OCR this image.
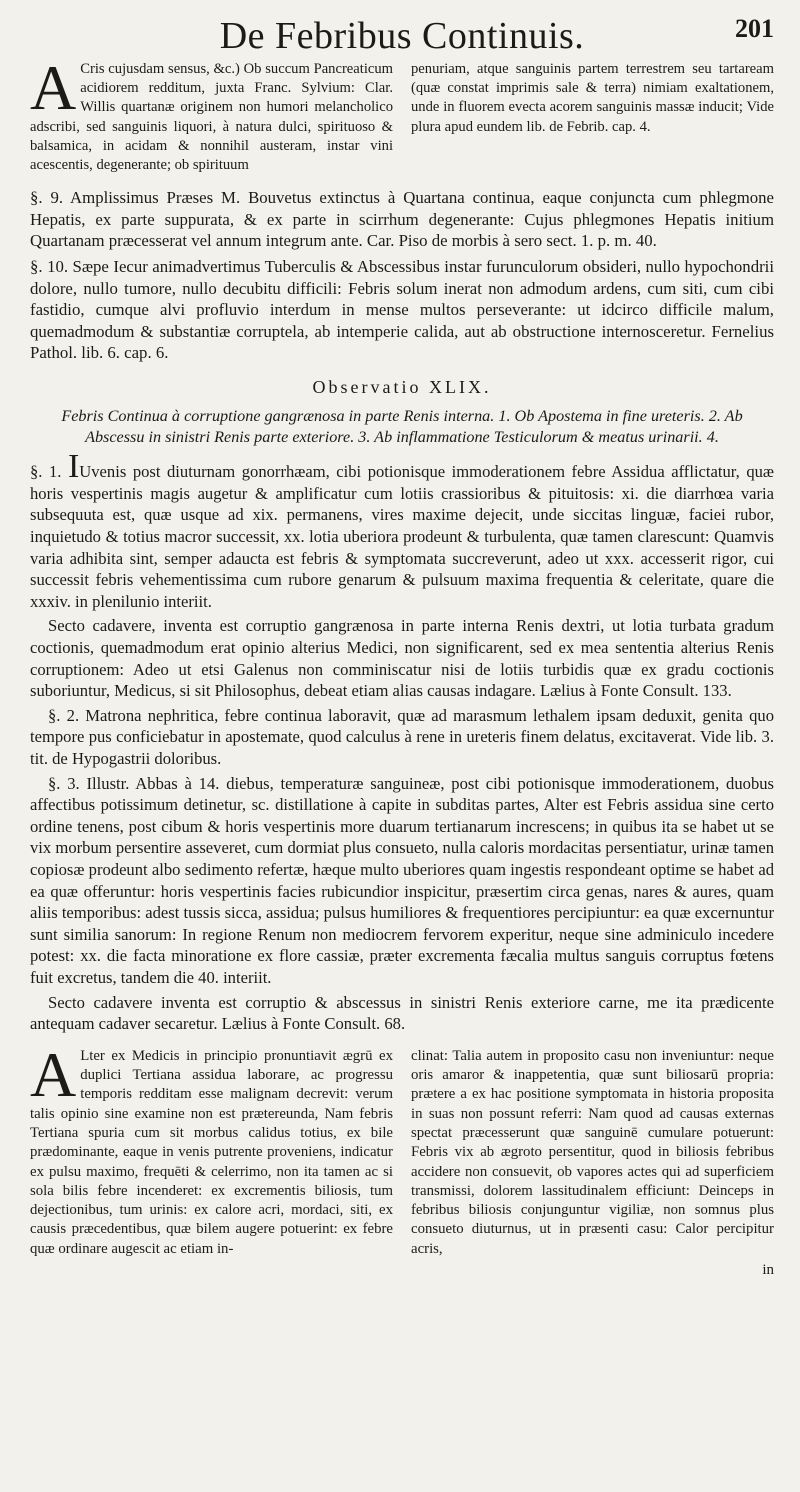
De Febribus Continuis.	201
A Cris cujusdam sensus, &c.) Ob succum Pancreaticum acidiorem redditum, juxta Franc. Sylvium: Clar. Willis quartanæ originem non humori melancholico adscribi, sed sanguinis liquori, à natura dulci, spirituoso & balsamica, in acidam & nonnihil austeram, instar vini acescentis, degenerante; ob spirituum
penuriam, atque sanguinis partem terrestrem seu tartaream (quæ constat imprimis sale & terra) nimiam exaltationem, unde in fluorem evecta acorem sanguinis massæ inducit; Vide plura apud eundem lib. de Febrib. cap. 4.

§. 9. Amplissimus Præses M. Bouvetus extinctus à Quartana continua, eaque conjuncta cum phlegmone Hepatis, ex parte suppurata, & ex parte in scirrhum degenerante: Cujus phlegmones Hepatis initium Quartanam præcesserat vel annum integrum ante. Car. Piso de morbis à sero sect. 1. p. m. 40.

§. 10. Sæpe Iecur animadvertimus Tuberculis & Abscessibus instar furunculorum obsideri, nullo hypochondrii dolore, nullo tumore, nullo decubitu difficili: Febris solum inerat non admodum ardens, cum siti, cum cibi fastidio, cumque alvi profluvio interdum in mense multos perseverante: ut idcirco difficile malum, quemadmodum & substantiæ corruptela, ab intemperie calida, aut ab obstructione internosceretur. Fernelius Pathol. lib. 6. cap. 6.

Observatio XLIX.
Febris Continua à corruptione gangrænosa in parte Renis interna. 1. Ob Apostema in fine ureteris. 2. Ab Abscessu in sinistri Renis parte exteriore. 3. Ab inflammatione Testiculorum & meatus urinarii. 4.

§. 1. IUvenis post diuturnam gonorrhæam, cibi potionisque immoderationem febre Assidua afflictatur, quæ horis vespertinis magis augetur & amplificatur cum lotiis crassioribus & pituitosis: xi. die diarrhœa varia subsequuta est, quæ usque ad xix. permanens, vires maxime dejecit, unde siccitas linguæ, faciei rubor, inquietudo & totius macror successit, xx. lotia uberiora prodeunt & turbulenta, quæ tamen clarescunt: Quamvis varia adhibita sint, semper adaucta est febris & symptomata succreverunt, adeo ut xxx. accesserit rigor, cui successit febris vehementissima cum rubore genarum & pulsuum maxima frequentia & celeritate, quare die xxxiv. in plenilunio interiit.

Secto cadavere, inventa est corruptio gangrænosa in parte interna Renis dextri, ut lotia turbata gradum coctionis, quemadmodum erat opinio alterius Medici, non significarent, sed ex mea sententia alterius Renis corruptionem: Adeo ut etsi Galenus non comminiscatur nisi de lotiis turbidis quæ ex gradu coctionis suboriuntur, Medicus, si sit Philosophus, debeat etiam alias causas indagare. Lælius à Fonte Consult. 133.

§. 2. Matrona nephritica, febre continua laboravit, quæ ad marasmum lethalem ipsam deduxit, genita quo tempore pus conficiebatur in apostemate, quod calculus à rene in ureteris finem delatus, excitaverat. Vide lib. 3. tit. de Hypogastrii doloribus.

§. 3. Illustr. Abbas à 14. diebus, temperaturæ sanguineæ, post cibi potionisque immoderationem, duobus affectibus potissimum detinetur, sc. distillatione à capite in subditas partes, Alter est Febris assidua sine certo ordine tenens, post cibum & horis vespertinis more duarum tertianarum increscens; in quibus ita se habet ut se vix morbum persentire asseveret, cum dormiat plus consueto, nulla caloris mordacitas persentiatur, urinæ tamen copiosæ prodeunt albo sedimento refertæ, hæque multo uberiores quam ingestis respondeant optime se habet ad ea quæ offeruntur: horis vespertinis facies rubicundior inspicitur, præsertim circa genas, nares & aures, quam aliis temporibus: adest tussis sicca, assidua; pulsus humiliores & frequentiores percipiuntur: ea quæ excernuntur sunt similia sanorum: In regione Renum non mediocrem fervorem experitur, neque sine adminiculo incedere potest: xx. die facta minoratione ex flore cassiæ, præter excrementa fæcalia multus sanguis corruptus fœtens fuit excretus, tandem die 40. interiit.

Secto cadavere inventa est corruptio & abscessus in sinistri Renis exteriore carne, me ita prædicente antequam cadaver secaretur. Lælius à Fonte Consult. 68.

A Lter ex Medicis in principio pronuntiavit ægrū ex duplici Tertiana assidua laborare, ac progressu temporis redditam esse malignam decrevit: verum talis opinio sine examine non est prætereunda, Nam febris Tertiana spuria cum sit morbus calidus totius, ex bile prædominante, eaque in venis putrente proveniens, indicatur ex pulsu maximo, frequēti & celerrimo, non ita tamen ac si sola bilis febre incenderet: ex excrementis biliosis, tum dejectionibus, tum urinis: ex calore acri, mordaci, siti, ex causis præcedentibus, quæ bilem augere potuerint: ex febre quæ ordinare augescit ac etiam in-
clinat: Talia autem in proposito casu non inveniuntur: neque oris amaror & inappetentia, quæ sunt biliosarū propria: prætere a ex hac positione symptomata in historia proposita in suas non possunt referri: Nam quod ad causas externas spectat præcesserunt quæ sanguinē cumulare potuerunt: Febris vix ab ægroto persentitur, quod in biliosis febribus accidere non consuevit, ob vapores actes qui ad superficiem transmissi, dolorem lassitudinalem efficiunt: Deinceps in febribus biliosis conjunguntur vigiliæ, non somnus plus consueto diuturnus, ut in præsenti casu: Calor percipitur acris,
in
